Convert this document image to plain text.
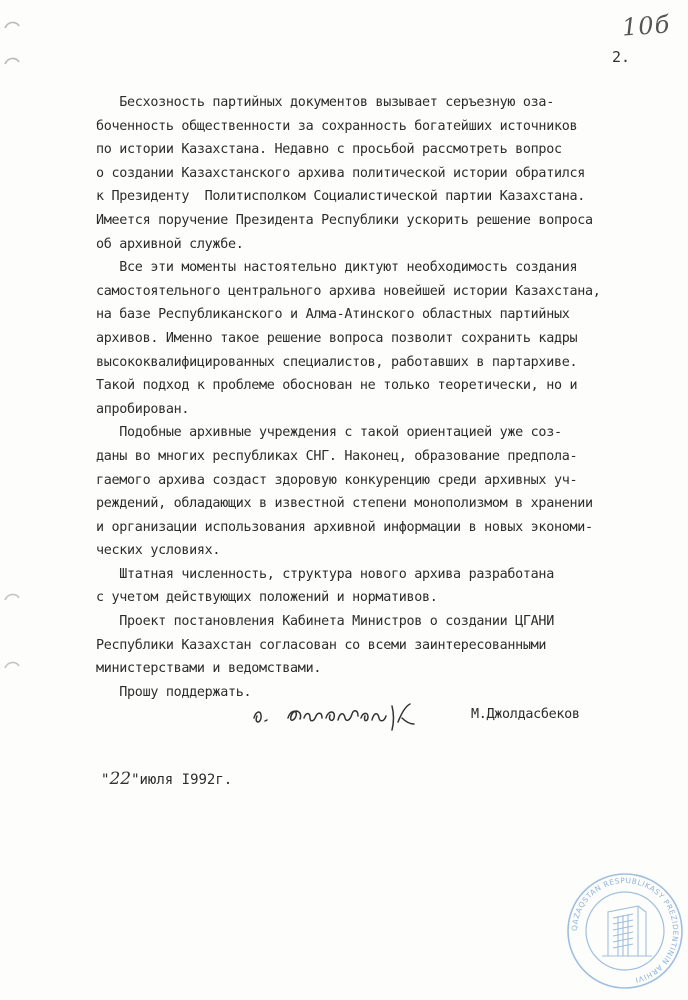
10б
2.

Бесхозность партийных документов вызывает серъезную оза-
боченность общественности за сохранность богатейших источников
по истории Казахстана. Недавно с просьбой рассмотреть вопрос
о создании Казахстанского архива политической истории обратился
к Президенту  Политисполком Социалистической партии Казахстана.
Имеется поручение Президента Республики ускорить решение вопроса
об архивной службе.

Все эти моменты настоятельно диктуют необходимость создания
самостоятельного центрального архива новейшей истории Казахстана,
на базе Республиканского и Алма-Атинского областных партийных
архивов. Именно такое решение вопроса позволит сохранить кадры
высококвалифицированных специалистов, работавших в партархиве.
Такой подход к проблеме обоснован не только теоретически, но и
апробирован.

Подобные архивные учреждения с такой ориентацией уже соз-
даны во многих республиках СНГ. Наконец, образование предпола-
гаемого архива создаст здоровую конкуренцию среди архивных уч-
реждений, обладающих в известной степени монополизмом в хранении
и организации использования архивной информации в новых экономи-
ческих условиях.

Штатная численность, структура нового архива разработана
с учетом действующих положений и нормативов.

Проект постановления Кабинета Министров о создании ЦГАНИ
Республики Казахстан согласован со всеми заинтересованными
министерствами и ведомствами.

Прошу поддержать.

М.Джолдасбеков
"22"июля I992г.
QAZAQSTAN RESPUBLIKASY PREZIDENTININ ARHIVI
